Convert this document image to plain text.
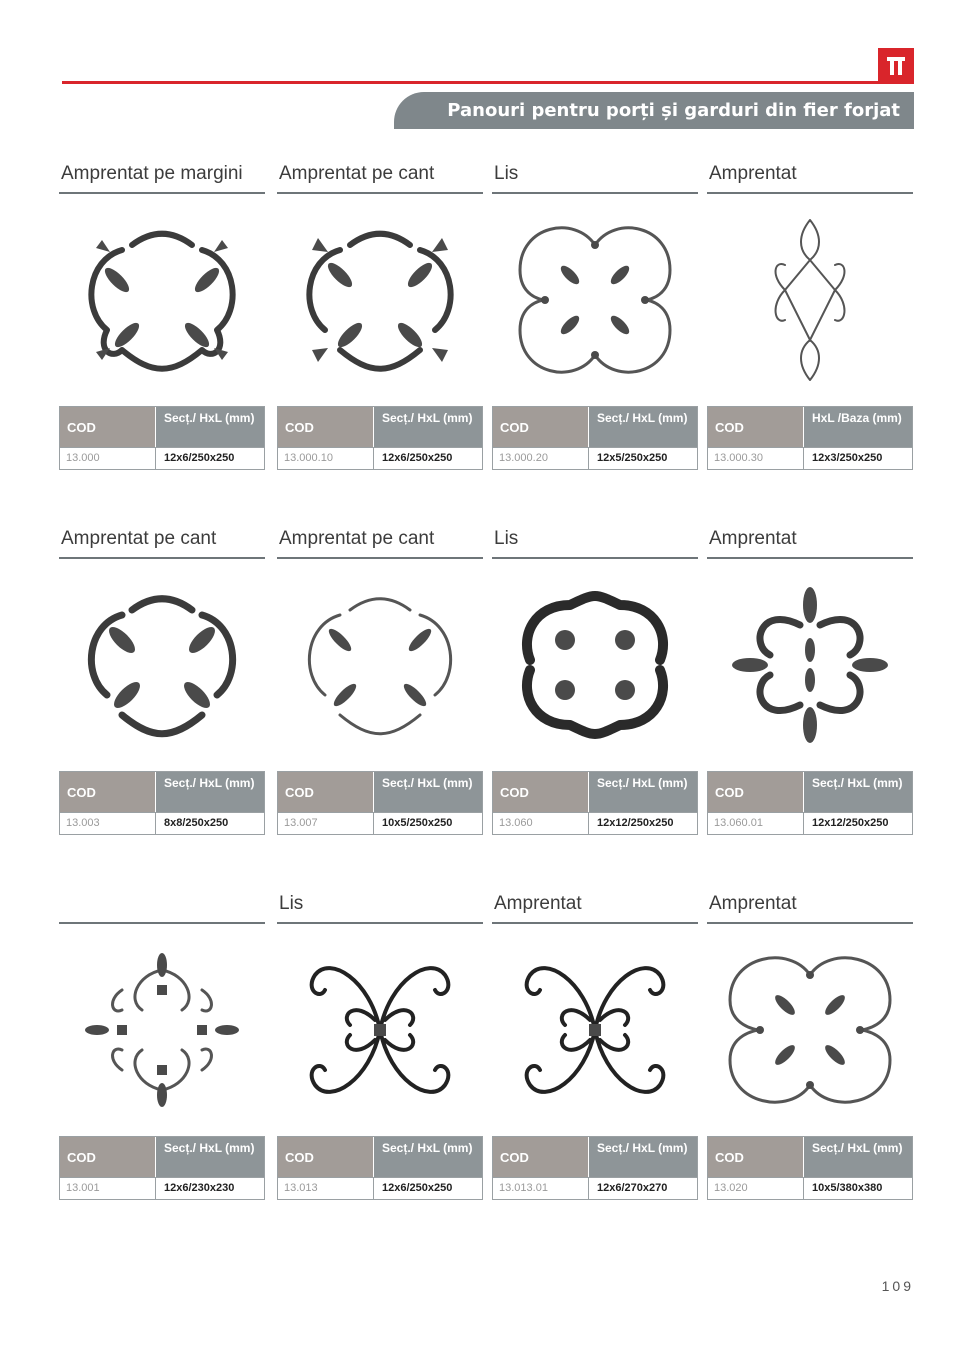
Panouri pentru porți și garduri din fier forjat
Amprentat pe margini
COD
Secț./ HxL (mm)
13.000	12x6/250x250
Amprentat pe cant
COD
Secț./ HxL (mm)
13.000.10	12x6/250x250
Lis
COD
Secț./ HxL (mm)
13.000.20	12x5/250x250
Amprentat
COD
HxL /Baza (mm)
13.000.30	12x3/250x250
Amprentat pe cant
COD
Secț./ HxL (mm)
13.003	8x8/250x250
Amprentat pe cant
COD
Secț./ HxL (mm)
13.007	10x5/250x250
Lis
COD
Secț./ HxL (mm)
13.060	12x12/250x250
Amprentat
COD
Secț./ HxL (mm)
13.060.01	12x12/250x250
COD
Secț./ HxL (mm)
13.001	12x6/230x230
Lis
COD
Secț./ HxL (mm)
13.013	12x6/250x250
Amprentat
COD
Secț./ HxL (mm)
13.013.01	12x6/270x270
Amprentat
COD
Secț./ HxL (mm)
13.020	10x5/380x380
109
